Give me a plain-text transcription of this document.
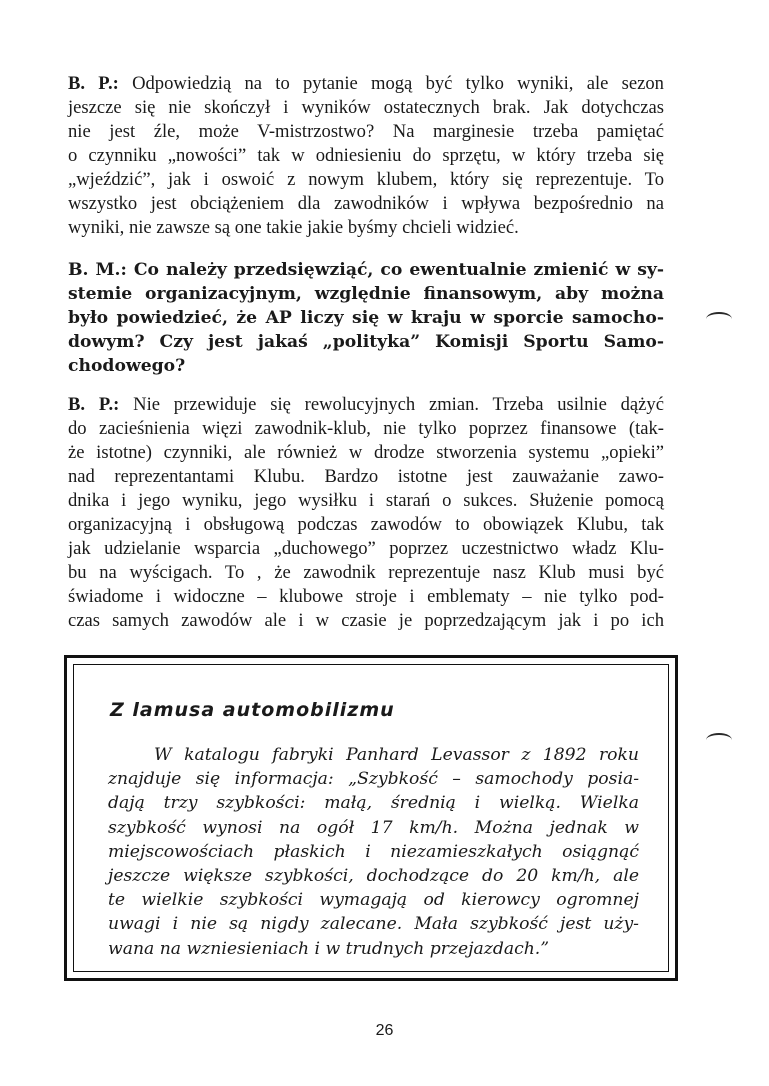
B. P.: Odpowiedzią na to pytanie mogą być tylko wyniki, ale sezon
jeszcze się nie skończył i wyników ostatecznych brak. Jak dotychczas
nie jest źle, może V-mistrzostwo? Na marginesie trzeba pamiętać
o czynniku „nowości” tak w odniesieniu do sprzętu, w który trzeba się
„wjeździć”, jak i oswoić z nowym klubem, który się reprezentuje. To
wszystko jest obciążeniem dla zawodników i wpływa bezpośrednio na
wyniki, nie zawsze są one takie jakie byśmy chcieli widzieć.
B. M.: Co należy przedsięwziąć, co ewentualnie zmienić w sy-
stemie organizacyjnym, względnie finansowym, aby można
było powiedzieć, że AP liczy się w kraju w sporcie samocho-
dowym? Czy jest jakaś „polityka” Komisji Sportu Samo-
chodowego?
B. P.: Nie przewiduje się rewolucyjnych zmian. Trzeba usilnie dążyć
do zacieśnienia więzi zawodnik-klub, nie tylko poprzez finansowe (tak-
że istotne) czynniki, ale również w drodze stworzenia systemu „opieki”
nad reprezentantami Klubu. Bardzo istotne jest zauważanie zawo-
dnika i jego wyniku, jego wysiłku i starań o sukces. Służenie pomocą
organizacyjną i obsługową podczas zawodów to obowiązek Klubu, tak
jak udzielanie wsparcia „duchowego” poprzez uczestnictwo władz Klu-
bu na wyścigach. To , że zawodnik reprezentuje nasz Klub musi być
świadome i widoczne – klubowe stroje i emblematy – nie tylko pod-
czas samych zawodów ale i w czasie je poprzedzającym jak i po ich
Z lamusa automobilizmu
W katalogu fabryki Panhard Levassor z 1892 roku
znajduje się informacja: „Szybkość – samochody posia-
dają trzy szybkości: małą, średnią i wielką. Wielka
szybkość wynosi na ogół 17 km/h. Można jednak w
miejscowościach płaskich i niezamieszkałych osiągnąć
jeszcze większe szybkości, dochodzące do 20 km/h, ale
te wielkie szybkości wymagają od kierowcy ogromnej
uwagi i nie są nigdy zalecane. Mała szybkość jest uży-
wana na wzniesieniach i w trudnych przejazdach.”
26
